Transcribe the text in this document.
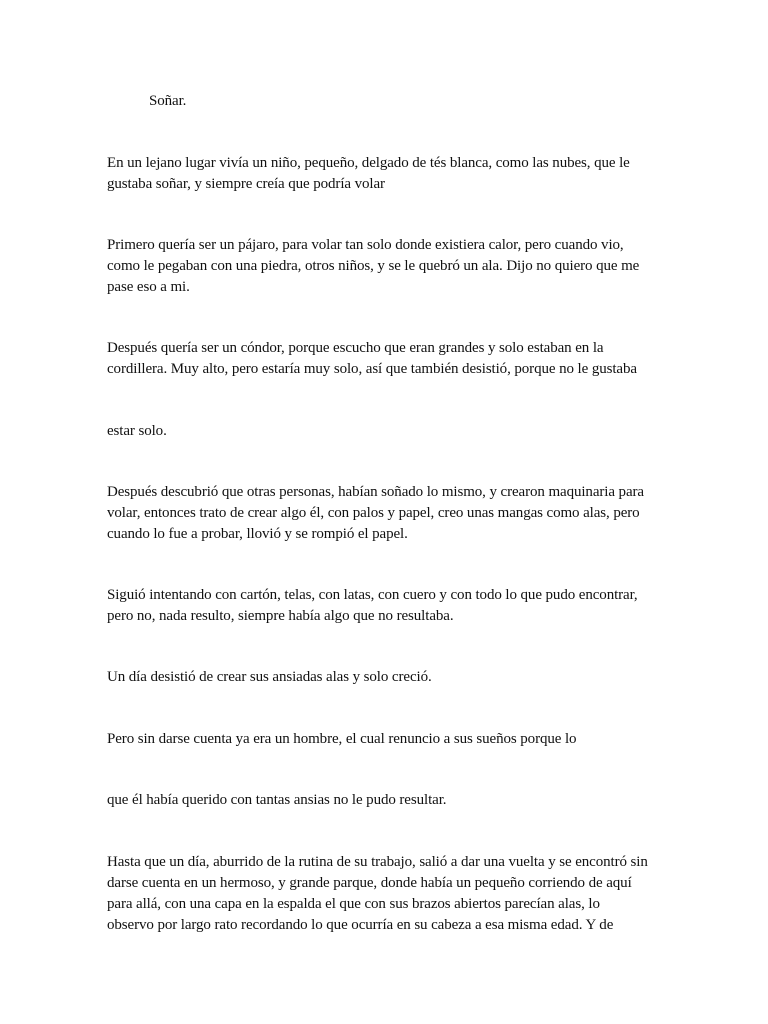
Soñar.
En un lejano lugar vivía un niño, pequeño, delgado de tés blanca, como las nubes, que le
gustaba soñar, y siempre creía que podría volar
Primero quería ser un pájaro, para volar tan solo donde existiera calor, pero cuando vio,
como le pegaban con una piedra, otros niños, y se le quebró un ala. Dijo no quiero que me
pase eso a mi.
Después quería ser un cóndor, porque escucho que eran grandes y solo estaban en la
cordillera. Muy alto, pero estaría muy solo, así que también desistió, porque no le gustaba
estar solo.
Después descubrió que otras personas, habían soñado lo mismo, y crearon maquinaria para
volar, entonces trato de crear algo él, con palos y papel, creo unas mangas como alas, pero
cuando lo fue a probar, llovió y se rompió el papel.
Siguió intentando con cartón, telas, con latas, con cuero y con todo lo que pudo encontrar,
pero no, nada resulto, siempre había algo que no resultaba.
Un día desistió de crear sus ansiadas alas y solo creció.
Pero sin darse cuenta ya era un hombre, el cual renuncio a sus sueños porque lo
que él había querido con tantas ansias no le pudo resultar.
Hasta que un día, aburrido de la rutina de su trabajo, salió a dar una vuelta y se encontró sin
darse cuenta en un hermoso, y grande parque, donde había un pequeño corriendo de aquí
para allá, con una capa en la espalda el que con sus brazos abiertos parecían alas, lo
observo por largo rato recordando lo que ocurría en su cabeza a esa misma edad. Y de
